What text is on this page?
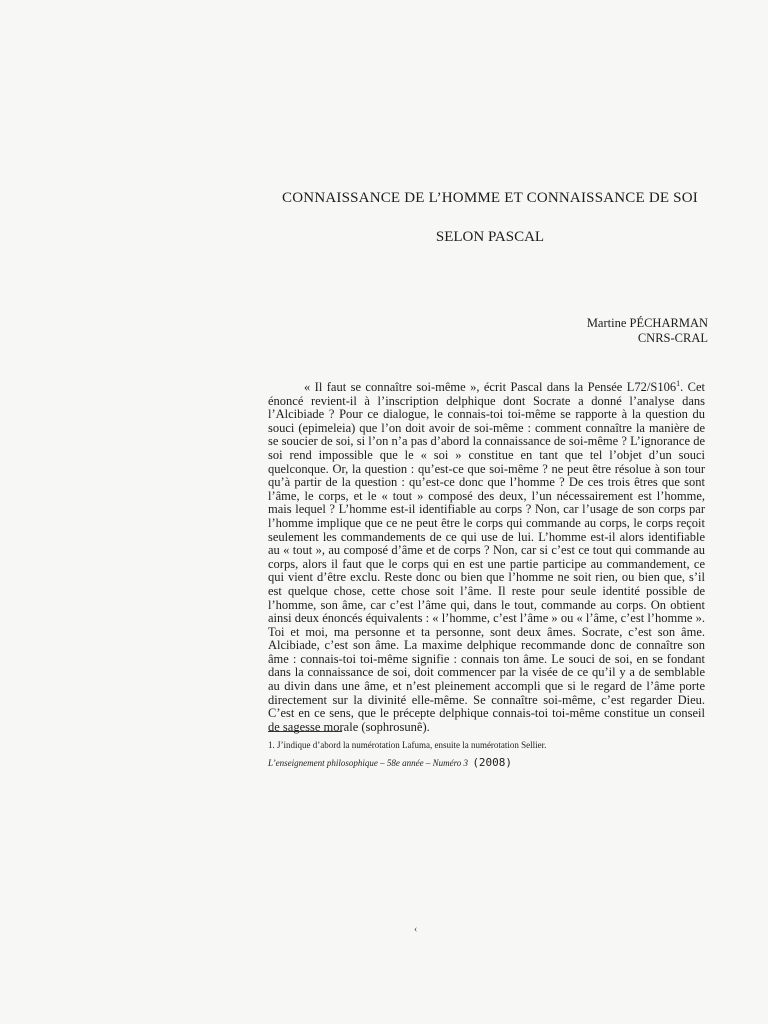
CONNAISSANCE DE L’HOMME ET CONNAISSANCE DE SOI
SELON PASCAL
Martine PÉCHARMAN
CNRS-CRAL

« Il faut se connaître soi-même », écrit Pascal dans la Pensée $L72/S106^1$. Cet énoncé revient-il à l’inscription delphique dont Socrate a donné l’analyse dans l’Alcibiade ? Pour ce dialogue, le connais-toi toi-même se rapporte à la question du souci (epimeleia) que l’on doit avoir de soi-même : comment connaître la manière de se soucier de soi, si l’on n’a pas d’abord la connaissance de soi-même ? L’ignorance de soi rend impossible que le « soi » constitue en tant que tel l’objet d’un souci quelconque. Or, la question : qu’est-ce que soi-même ? ne peut être résolue à son tour qu’à partir de la question : qu’est-ce donc que l’homme ? De ces trois êtres que sont l’âme, le corps, et le « tout » composé des deux, l’un nécessairement est l’homme, mais lequel ? L’homme est-il identifiable au corps ? Non, car l’usage de son corps par l’homme implique que ce ne peut être le corps qui commande au corps, le corps reçoit seulement les commandements de ce qui use de lui. L’homme est-il alors identifiable au « tout », au composé d’âme et de corps ? Non, car si c’est ce tout qui commande au corps, alors il faut que le corps qui en est une partie participe au commandement, ce qui vient d’être exclu. Reste donc ou bien que l’homme ne soit rien, ou bien que, s’il est quelque chose, cette chose soit l’âme. Il reste pour seule identité possible de l’homme, son âme, car c’est l’âme qui, dans le tout, commande au corps. On obtient ainsi deux énoncés équivalents : « l’homme, c’est l’âme » ou « l’âme, c’est l’homme ». Toi et moi, ma personne et ta personne, sont deux âmes. Socrate, c’est son âme. Alcibiade, c’est son âme. La maxime delphique recommande donc de connaître son âme : connais-toi toi-même signifie : connais ton âme. Le souci de soi, en se fondant dans la connaissance de soi, doit commencer par la visée de ce qu’il y a de semblable au divin dans une âme, et n’est pleinement accompli que si le regard de l’âme porte directement sur la divinité elle-même. Se connaître soi-même, c’est regarder Dieu. C’est en ce sens, que le précepte delphique connais-toi toi-même constitue un conseil de sagesse morale (sophrosunê).

1. J’indique d’abord la numérotation Lafuma, ensuite la numérotation Sellier.

L’enseignement philosophique – 58e année – Numéro 3 (2008)
‹
